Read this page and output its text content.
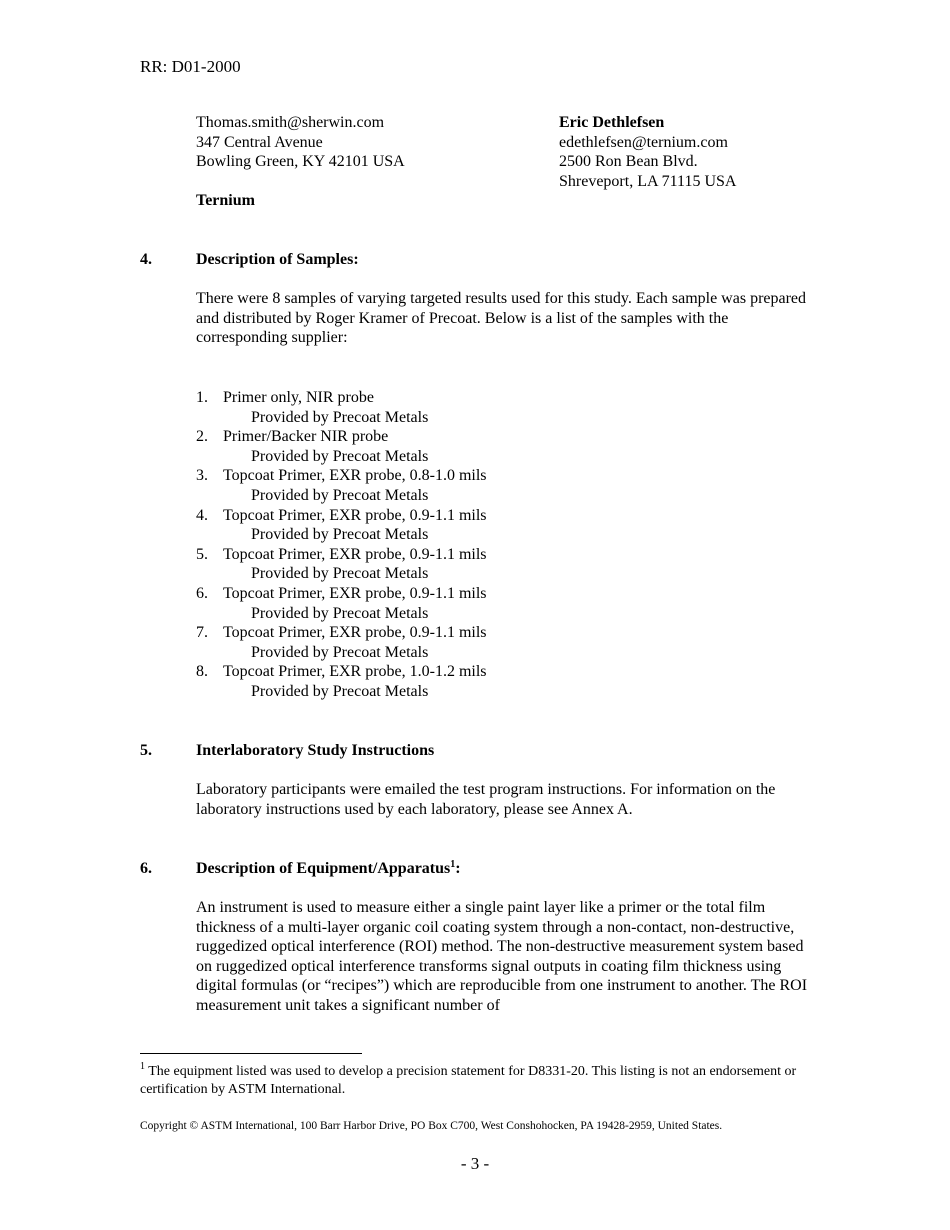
RR: D01-2000
Thomas.smith@sherwin.com
347 Central Avenue
Bowling Green, KY 42101 USA
Ternium
Eric Dethlefsen
edethlefsen@ternium.com
2500 Ron Bean Blvd.
Shreveport, LA 71115 USA
4.	Description of Samples:
There were 8 samples of varying targeted results used for this study. Each sample was prepared and distributed by Roger Kramer of Precoat. Below is a list of the samples with the corresponding supplier:
1. Primer only, NIR probe
Provided by Precoat Metals
2. Primer/Backer NIR probe
Provided by Precoat Metals
3. Topcoat Primer, EXR probe, 0.8-1.0 mils
Provided by Precoat Metals
4. Topcoat Primer, EXR probe, 0.9-1.1 mils
Provided by Precoat Metals
5. Topcoat Primer, EXR probe, 0.9-1.1 mils
Provided by Precoat Metals
6. Topcoat Primer, EXR probe, 0.9-1.1 mils
Provided by Precoat Metals
7. Topcoat Primer, EXR probe, 0.9-1.1 mils
Provided by Precoat Metals
8. Topcoat Primer, EXR probe, 1.0-1.2 mils
Provided by Precoat Metals
5.	Interlaboratory Study Instructions
Laboratory participants were emailed the test program instructions. For information on the laboratory instructions used by each laboratory, please see Annex A.
6.	Description of Equipment/Apparatus$^1$:
An instrument is used to measure either a single paint layer like a primer or the total film thickness of a multi-layer organic coil coating system through a non-contact, non-destructive, ruggedized optical interference (ROI) method. The non-destructive measurement system based on ruggedized optical interference transforms signal outputs in coating film thickness using digital formulas (or “recipes”) which are reproducible from one instrument to another. The ROI measurement unit takes a significant number of
$^1$ The equipment listed was used to develop a precision statement for D8331-20. This listing is not an endorsement or certification by ASTM International.
Copyright © ASTM International, 100 Barr Harbor Drive, PO Box C700, West Conshohocken, PA 19428-2959, United States.
- 3 -
